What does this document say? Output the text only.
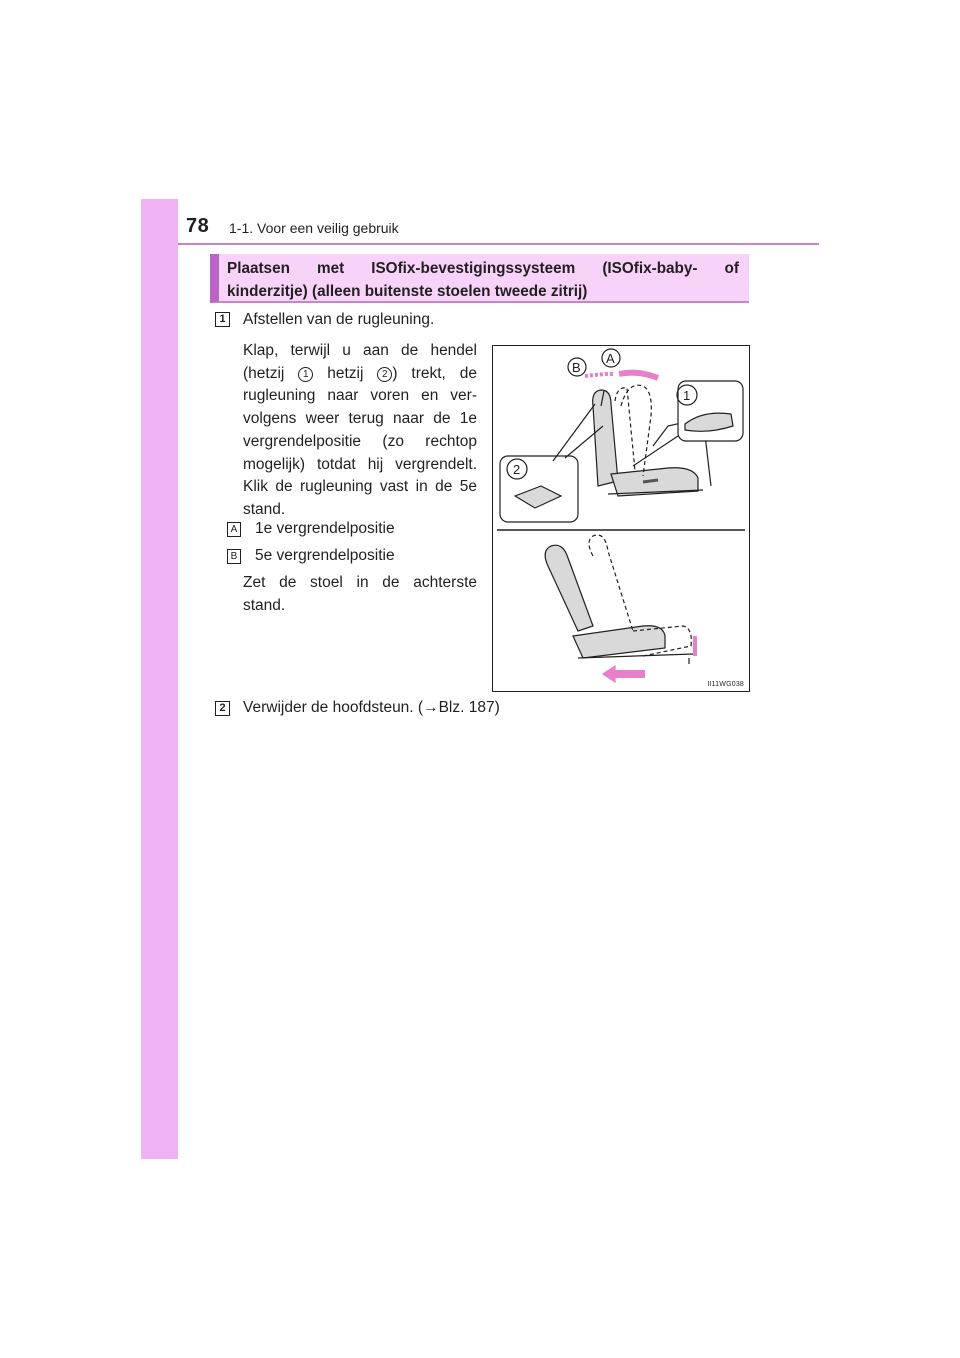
78 1-1. Voor een veilig gebruik
Plaatsen met ISOfix-bevestigingssysteem (ISOfix-baby- of
kinderzitje) (alleen buitenste stoelen tweede zitrij)
1 Afstellen van de rugleuning.
Klap, terwijl u aan de hendel
(hetzij 1 hetzij 2 ) trekt, de
rugleuning naar voren en ver-
volgens weer terug naar de 1e
vergrendelpositie (zo rechtop
mogelijk) totdat hij vergrendelt.
Klik de rugleuning vast in de 5e
stand.
A 1e vergrendelpositie
B 5e vergrendelpositie
Zet de stoel in de achterste
stand.
1
2
B
A
II11WG038
2 Verwijder de hoofdsteun. (→Blz. 187)
